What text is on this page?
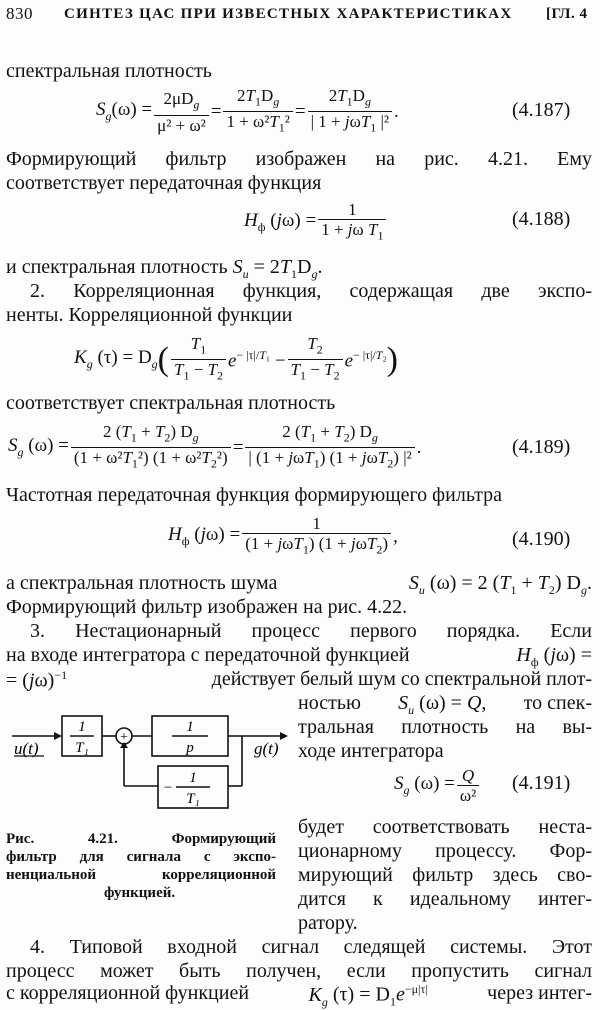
830 СИНТЕЗ ЦАС ПРИ ИЗВЕСТНЫХ ХАРАКТЕРИСТИКАХ [ГЛ. 4
спектральная плотность
$S_g(\omega) = \frac{2\mu D_g}{\text{μ² + ω²}} = \frac{2T_1D_g}{1 + \omega^2T_1^2} = \frac{2T_1D_g}{| 1 + j\omega T_1 |^2}$ .	(4.187)
Формирующий фильтр изображен на рис. 4.21. Ему
соответствует передаточная функция
$H_ф$ $(j\omega) = \frac{1}{1 + j\omega T_1}$	(4.188)
и спектральная плотность $S_u = 2T_1D_g$.
2. Корреляционная функция, содержащая две экспо-
ненты. Корреляционной функции
$K_g$ $(\tau) = D_g$ ( $\frac{T_1}{T_1 - T_2} e^{- |\tau|/T_1} - \frac{T_2}{T_1 - T_2} e^{- |\tau|/T_2}$ )
соответствует спектральная плотность
$S_g$ $(\omega) = \frac{2 (T_1 + T_2) D_g}{(1 + \omega^2T_1^2) (1 + \omega^2T_2^2)} = \frac{2 (T_1 + T_2) D_g}{| (1 + j\omega T_1) (1 + j\omega T_2) |^2}$ .	(4.189)
Частотная передаточная функция формирующего фильтра
$H_ф$ $(j\omega) = \frac{1}{(1 + j\omega T_1) (1 + j\omega T_2)}$ ,	(4.190)
а спектральная плотность шума	$S_u$ (ω) = 2 $(T_1 + T_2)$ $D_g$.
Формирующий фильтр изображен на рис. 4.22.
3. Нестационарный процесс первого порядка. Если
на входе интегратора с передаточной функцией	$H_ф$ (jω) =
= $(j\omega)^{-1}$	действует белый шум со спектральной плот-
ностью $S_u$ (ω) = Q, то спек-
тральная плотность на вы-
ходе интегратора
$S_g$ $(\omega) = \frac{Q}{\text{ω²}} (4.191)$
+
1
T₁
1
p
−
1
T₁
u(t)	g(t)
Рис. 4.21. Формирующий
фильтр для сигнала с экспо-
ненциальной корреляционной
функцией.
будет соответствовать неста-
ционарному процессу. Фор-
мирующий фильтр здесь сво-
дится к идеальному интег-
ратору.
4. Типовой входной сигнал следящей системы. Этот
процесс может быть получен, если пропустить сигнал
с корреляционной функцией	$K_g$ $(\tau) = D_1e^{-\mu|\tau|}$	через интег-
